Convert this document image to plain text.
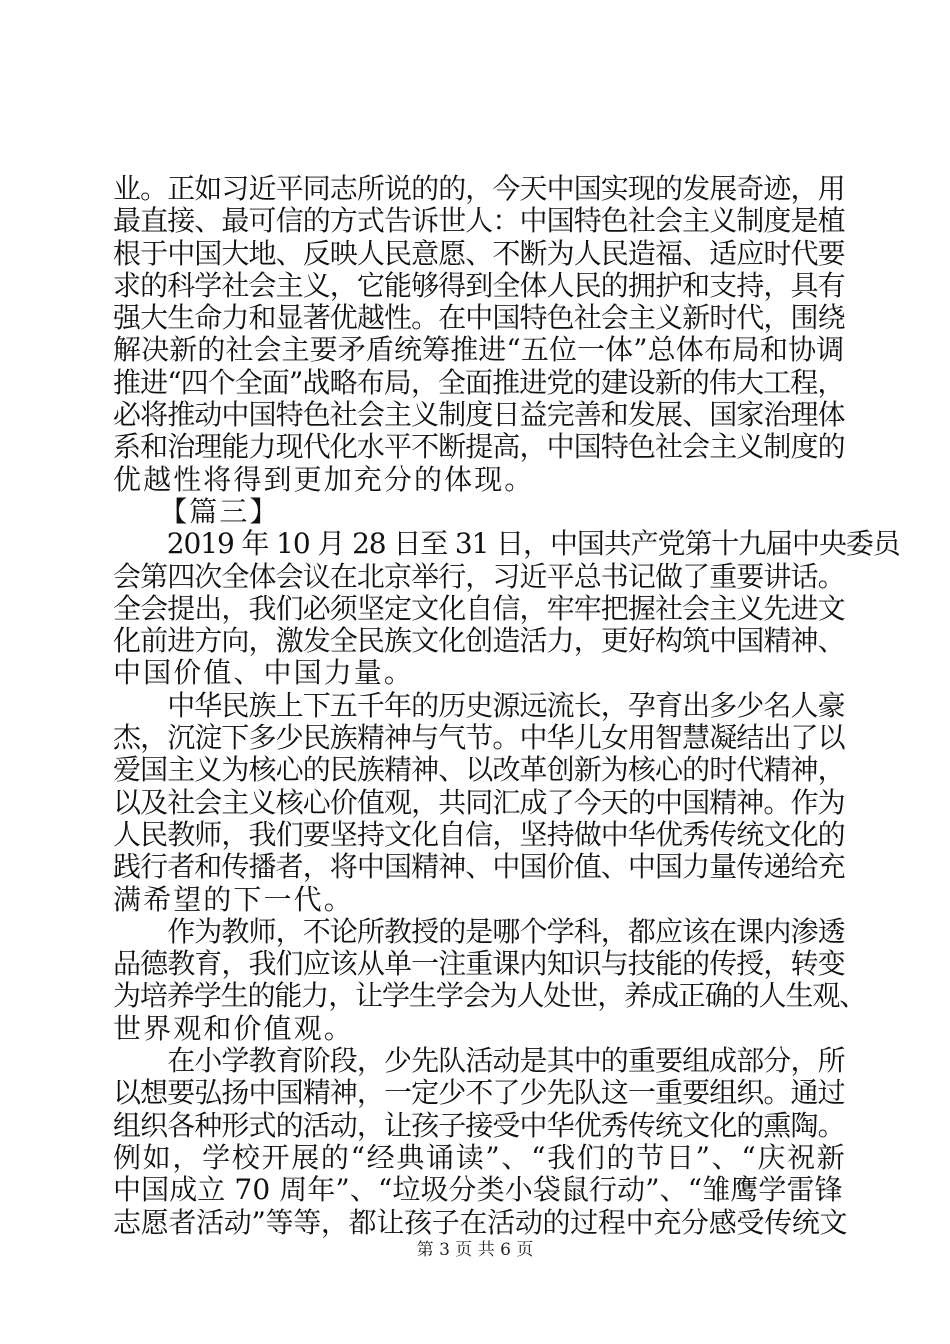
业。正如习近平同志所说的的，今天中国实现的发展奇迹，用
最直接、最可信的方式告诉世人：中国特色社会主义制度是植
根于中国大地、反映人民意愿、不断为人民造福、适应时代要
求的科学社会主义，它能够得到全体人民的拥护和支持，具有
强大生命力和显著优越性。在中国特色社会主义新时代，围绕
解决新的社会主要矛盾统筹推进“五位一体”总体布局和协调
推进“四个全面”战略布局，全面推进党的建设新的伟大工程，
必将推动中国特色社会主义制度日益完善和发展、国家治理体
系和治理能力现代化水平不断提高，中国特色社会主义制度的
优越性将得到更加充分的体现。
　　【篇三】
　　2019 年 10 月 28 日至 31 日，中国共产党第十九届中央委员
会第四次全体会议在北京举行，习近平总书记做了重要讲话。
全会提出，我们必须坚定文化自信，牢牢把握社会主义先进文
化前进方向，激发全民族文化创造活力，更好构筑中国精神、
中国价值、中国力量。
　　中华民族上下五千年的历史源远流长，孕育出多少名人豪
杰，沉淀下多少民族精神与气节。中华儿女用智慧凝结出了以
爱国主义为核心的民族精神、以改革创新为核心的时代精神，
以及社会主义核心价值观，共同汇成了今天的中国精神。作为
人民教师，我们要坚持文化自信，坚持做中华优秀传统文化的
践行者和传播者，将中国精神、中国价值、中国力量传递给充
满希望的下一代。
　　作为教师，不论所教授的是哪个学科，都应该在课内渗透
品德教育，我们应该从单一注重课内知识与技能的传授，转变
为培养学生的能力，让学生学会为人处世，养成正确的人生观、
世界观和价值观。
　　在小学教育阶段，少先队活动是其中的重要组成部分，所
以想要弘扬中国精神，一定少不了少先队这一重要组织。通过
组织各种形式的活动，让孩子接受中华优秀传统文化的熏陶。
例如，学校开展的“经典诵读”、“我们的节日”、“庆祝新
中国成立 70 周年”、“垃圾分类小袋鼠行动”、“雏鹰学雷锋
志愿者活动”等等，都让孩子在活动的过程中充分感受传统文
第 3 页 共 6 页
